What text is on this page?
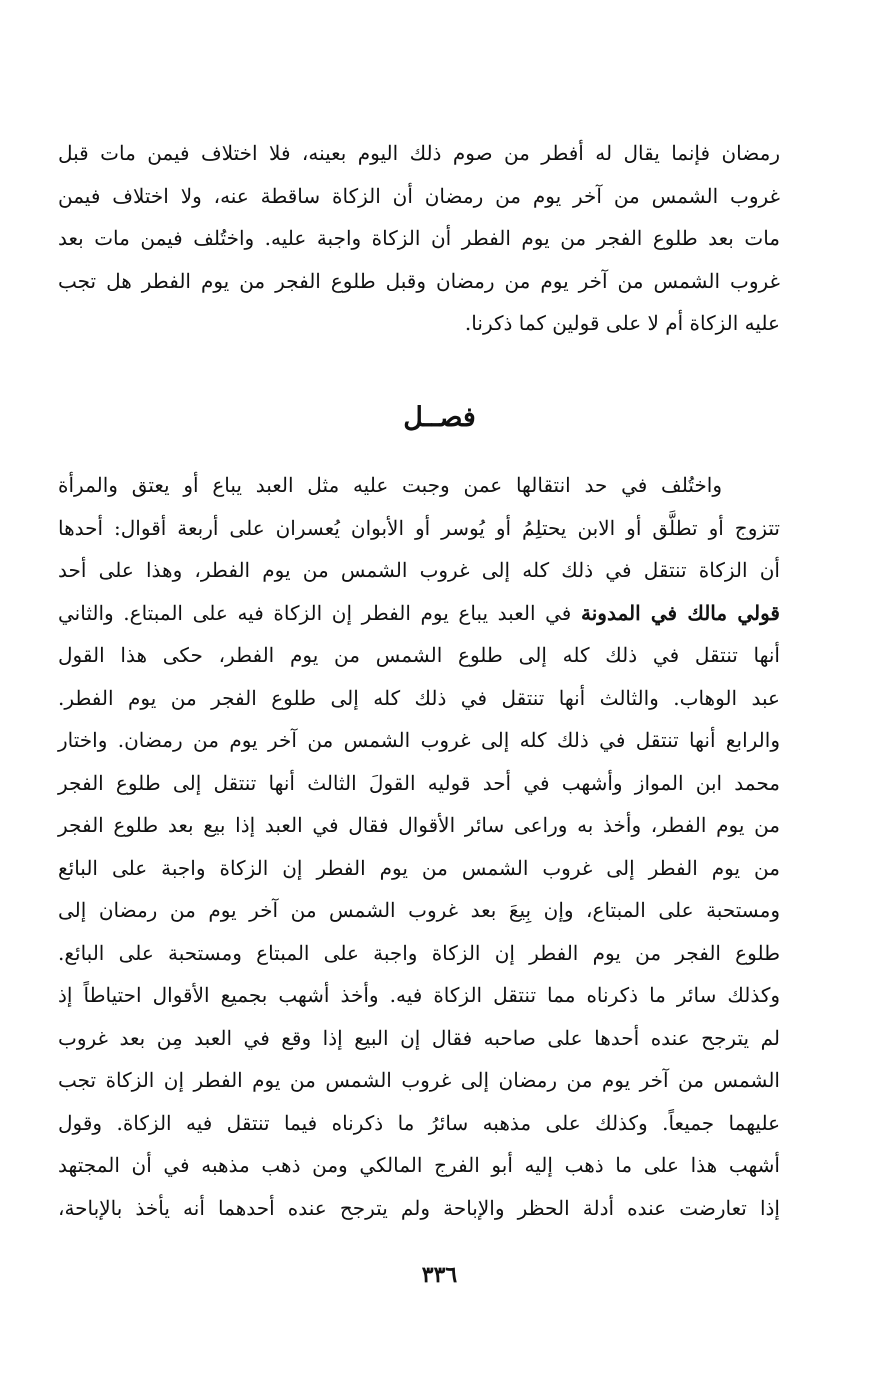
رمضان فإنما يقال له أفطر من صوم ذلك اليوم بعينه، فلا اختلاف فيمن مات قبل
غروب الشمس من آخر يوم من رمضان أن الزكاة ساقطة عنه، ولا اختلاف فيمن
مات بعد طلوع الفجر من يوم الفطر أن الزكاة واجبة عليه. واختُلف فيمن مات بعد
غروب الشمس من آخر يوم من رمضان وقبل طلوع الفجر من يوم الفطر هل تجب
عليه الزكاة أم لا على قولين كما ذكرنا.
فصــل
واختُلف في حد انتقالها عمن وجبت عليه مثل العبد يباع أو يعتق والمرأة
تتزوج أو تطلَّق أو الابن يحتلِمُ أو يُوسر أو الأبوان يُعسران على أربعة أقوال: أحدها
أن الزكاة تنتقل في ذلك كله إلى غروب الشمس من يوم الفطر، وهذا على أحد
قولي مالك في المدونة في العبد يباع يوم الفطر إن الزكاة فيه على المبتاع. والثاني
أنها تنتقل في ذلك كله إلى طلوع الشمس من يوم الفطر، حكى هذا القول
عبد الوهاب. والثالث أنها تنتقل في ذلك كله إلى طلوع الفجر من يوم الفطر.
والرابع أنها تنتقل في ذلك كله إلى غروب الشمس من آخر يوم من رمضان. واختار
محمد ابن المواز وأشهب في أحد قوليه القولَ الثالث أنها تنتقل إلى طلوع الفجر
من يوم الفطر، وأخذ به وراعى سائر الأقوال فقال في العبد إذا بيع بعد طلوع الفجر
من يوم الفطر إلى غروب الشمس من يوم الفطر إن الزكاة واجبة على البائع
ومستحبة على المبتاع، وإن بِيعَ بعد غروب الشمس من آخر يوم من رمضان إلى
طلوع الفجر من يوم الفطر إن الزكاة واجبة على المبتاع ومستحبة على البائع.
وكذلك سائر ما ذكرناه مما تنتقل الزكاة فيه. وأخذ أشهب بجميع الأقوال احتياطاً إذ
لم يترجح عنده أحدها على صاحبه فقال إن البيع إذا وقع في العبد مِن بعد غروب
الشمس من آخر يوم من رمضان إلى غروب الشمس من يوم الفطر إن الزكاة تجب
عليهما جميعاً. وكذلك على مذهبه سائرُ ما ذكرناه فيما تنتقل فيه الزكاة. وقول
أشهب هذا على ما ذهب إليه أبو الفرج المالكي ومن ذهب مذهبه في أن المجتهد
إذا تعارضت عنده أدلة الحظر والإباحة ولم يترجح عنده أحدهما أنه يأخذ بالإباحة،
٣٣٦
